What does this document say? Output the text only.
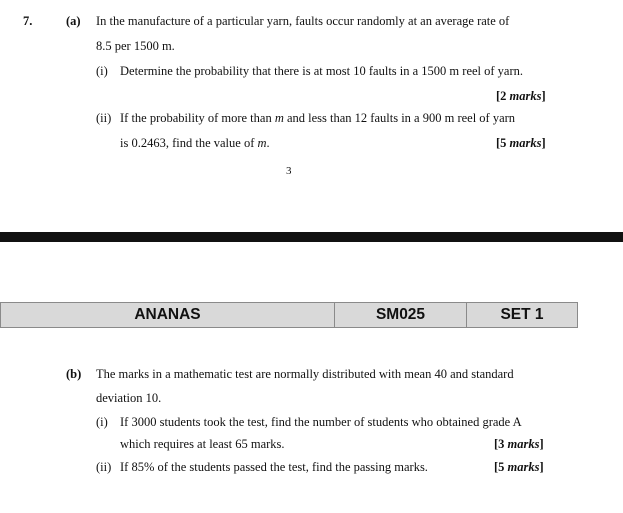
7.	(a) In the manufacture of a particular yarn, faults occur randomly at an average rate of
8.5 per 1500 m.
(i) Determine the probability that there is at most 10 faults in a 1500 m reel of yarn.
[2 marks]
(ii) If the probability of more than m and less than 12 faults in a 900 m reel of yarn
is 0.2463, find the value of m.	[5 marks]
3
ANANAS	SM025	SET 1
(b) The marks in a mathematic test are normally distributed with mean 40 and standard
deviation 10.
(i) If 3000 students took the test, find the number of students who obtained grade A
which requires at least 65 marks.	[3 marks]
(ii) If 85% of the students passed the test, find the passing marks.	[5 marks]
